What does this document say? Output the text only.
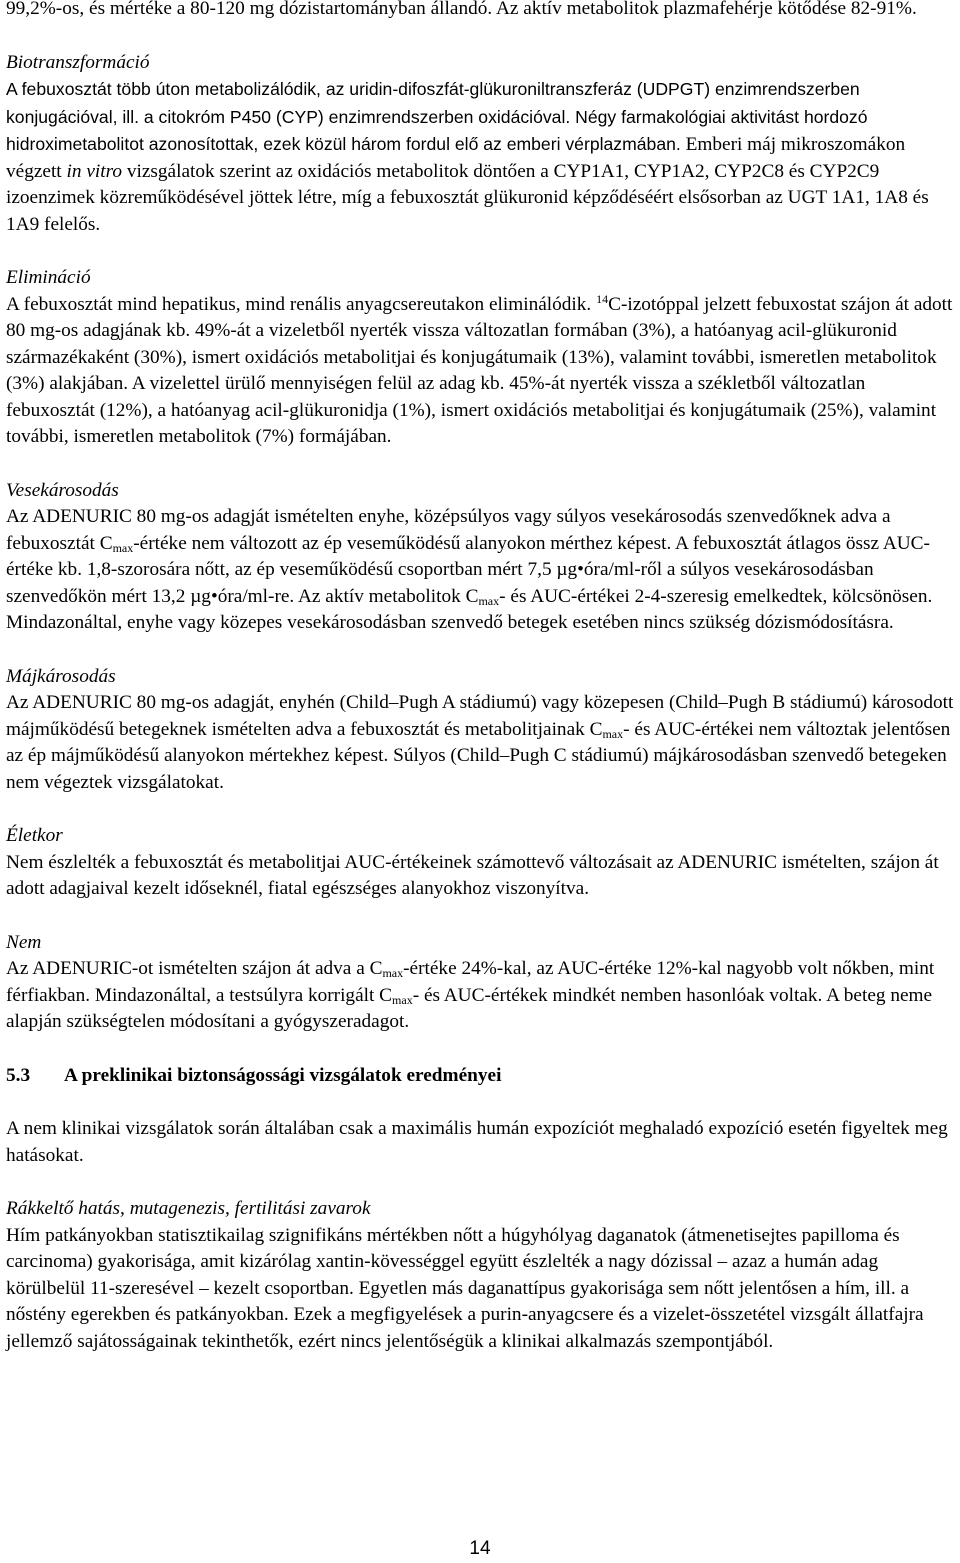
99,2%-os, és mértéke a 80-120 mg dózistartományban állandó. Az aktív metabolitok plazmafehérje kötődése 82-91%.

Biotranszformáció

A febuxosztát több úton metabolizálódik, az uridin-difoszfát-glükuroniltranszferáz (UDPGT) enzimrendszerben konjugációval, ill. a citokróm P450 (CYP) enzimrendszerben oxidációval. Négy farmakológiai aktivitást hordozó hidroximetabolitot azonosítottak, ezek közül három fordul elő az emberi vérplazmában. Emberi máj mikroszomákon végzett in vitro vizsgálatok szerint az oxidációs metabolitok döntően a CYP1A1, CYP1A2, CYP2C8 és CYP2C9 izoenzimek közreműködésével jöttek létre, míg a febuxosztát glükuronid képződéséért elsősorban az UGT 1A1, 1A8 és 1A9 felelős.

Elimináció

A febuxosztát mind hepatikus, mind renális anyagcsereutakon eliminálódik. $^{14}$C-izotóppal jelzett febuxostat szájon át adott 80 mg-os adagjának kb. 49%-át a vizeletből nyerték vissza változatlan formában (3%), a hatóanyag acil-glükuronid származékaként (30%), ismert oxidációs metabolitjai és konjugátumaik (13%), valamint további, ismeretlen metabolitok (3%) alakjában. A vizelettel ürülő mennyiségen felül az adag kb. 45%-át nyerték vissza a székletből változatlan febuxosztát (12%), a hatóanyag acil-glükuronidja (1%), ismert oxidációs metabolitjai és konjugátumaik (25%), valamint további, ismeretlen metabolitok (7%) formájában.

Vesekárosodás

Az ADENURIC 80 mg-os adagját ismételten enyhe, középsúlyos vagy súlyos vesekárosodás szenvedőknek adva a febuxosztát $C_{max}$-értéke nem változott az ép veseműködésű alanyokon mérthez képest. A febuxosztát átlagos össz AUC-értéke kb. 1,8-szorosára nőtt, az ép veseműködésű csoportban mért 7,5 µg•óra/ml-ről a súlyos vesekárosodásban szenvedőkön mért 13,2 µg•óra/ml-re. Az aktív metabolitok $C_{max}-$ és AUC-értékei 2-4-szeresig emelkedtek, kölcsönösen. Mindazonáltal, enyhe vagy közepes vesekárosodásban szenvedő betegek esetében nincs szükség dózismódosításra.

Májkárosodás

Az ADENURIC 80 mg-os adagját, enyhén (Child–Pugh A stádiumú) vagy közepesen (Child–Pugh B stádiumú) károsodott májműködésű betegeknek ismételten adva a febuxosztát és metabolitjainak $C_{max}-$ és AUC-értékei nem változtak jelentősen az ép májműködésű alanyokon mértekhez képest. Súlyos (Child–Pugh C stádiumú) májkárosodásban szenvedő betegeken nem végeztek vizsgálatokat.

Életkor

Nem észlelték a febuxosztát és metabolitjai AUC-értékeinek számottevő változásait az ADENURIC ismételten, szájon át adott adagjaival kezelt időseknél, fiatal egészséges alanyokhoz viszonyítva.

Nem

Az ADENURIC-ot ismételten szájon át adva a $C_{max}$-értéke 24%-kal, az AUC-értéke 12%-kal nagyobb volt nőkben, mint férfiakban. Mindazonáltal, a testsúlyra korrigált $C_{max}-$ és AUC-értékek mindkét nemben hasonlóak voltak. A beteg neme alapján szükségtelen módosítani a gyógyszeradagot.

5.3	A preklinikai biztonságossági vizsgálatok eredményei

A nem klinikai vizsgálatok során általában csak a maximális humán expozíciót meghaladó expozíció esetén figyeltek meg hatásokat.

Rákkeltő hatás, mutagenezis, fertilitási zavarok

Hím patkányokban statisztikailag szignifikáns mértékben nőtt a húgyhólyag daganatok (átmenetisejtes papilloma és carcinoma) gyakorisága, amit kizárólag xantin-kövességgel együtt észlelték a nagy dózissal – azaz a humán adag körülbelül 11-szeresével – kezelt csoportban. Egyetlen más daganattípus gyakorisága sem nőtt jelentősen a hím, ill. a nőstény egerekben és patkányokban. Ezek a megfigyelések a purin-anyagcsere és a vizelet-összetétel vizsgált állatfajra jellemző sajátosságainak tekinthetők, ezért nincs jelentőségük a klinikai alkalmazás szempontjából.

14
